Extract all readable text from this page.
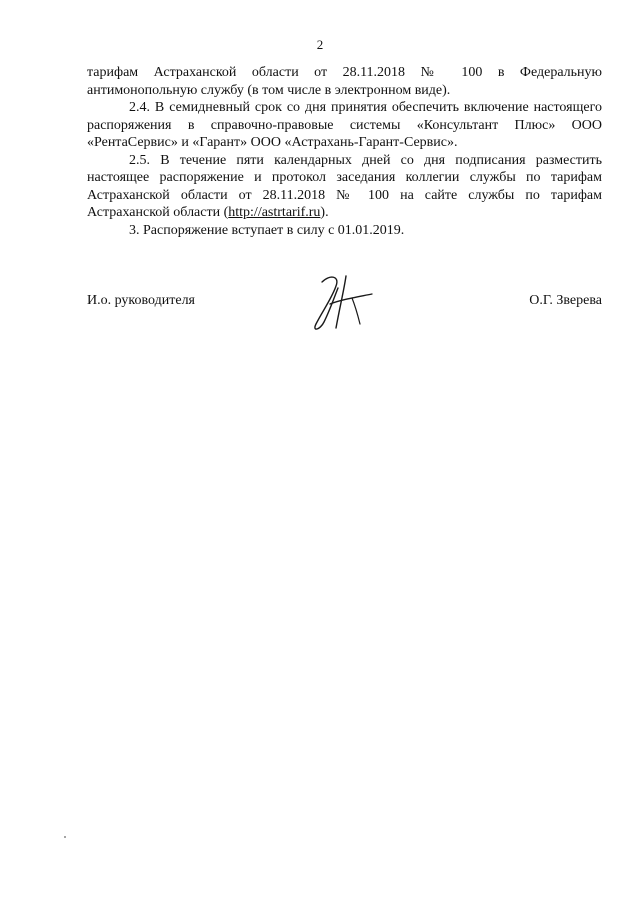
2

тарифам Астраханской области от 28.11.2018 № 100 в Федеральную антимонопольную службу (в том числе в электронном виде).

2.4. В семидневный срок со дня принятия обеспечить включение настоящего распоряжения в справочно-правовые системы «Консультант Плюс» ООО «РентаСервис» и «Гарант» ООО «Астрахань-Гарант-Сервис».

2.5. В течение пяти календарных дней со дня подписания разместить настоящее распоряжение и протокол заседания коллегии службы по тарифам Астраханской области от 28.11.2018 № 100 на сайте службы по тарифам Астраханской области (http://astrtarif.ru).

3. Распоряжение вступает в силу с 01.01.2019.

И.о. руководителя	О.Г. Зверева
